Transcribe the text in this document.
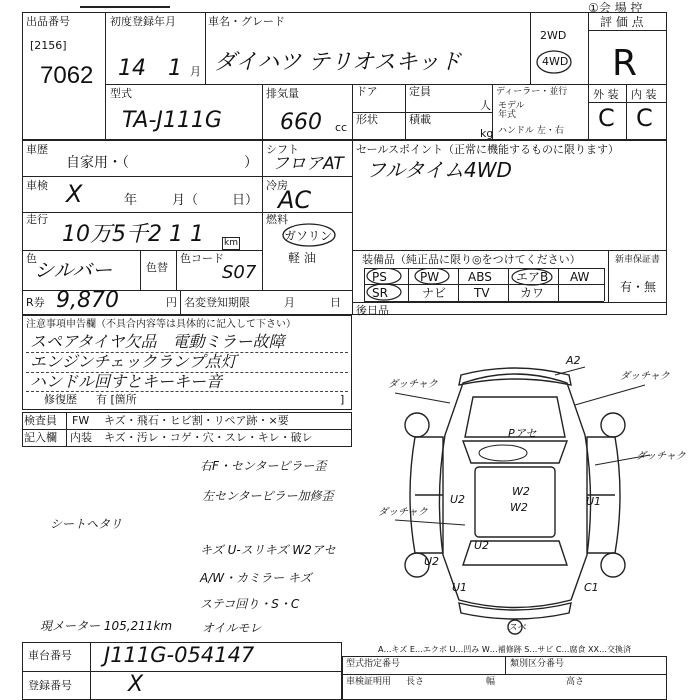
①会 場 控
出品番号
[2156]
7062
初度登録年月
14 1 月
車名・グレード
ダイハツ テリオスキッド
2WD
4WD
評 価 点
R
外 装 内 装
C C
型式
TA-J111G
排気量
660 cc
ドア	定員
人
ディーラー・並行
モデル年式
ハンドル 左・右
形状	積載
kg
車歴
自家用・（	）
シフト
フロアAT
車検 X	年	月（	日）
冷房
AC
走行
10万5千2 1 1 km
燃料
ガソリン
軽 油
色
シルバー	色替
色コード
S07
R券 9,870	円 名変登知期限	月	日
セールスポイント（正常に機能するものに限ります）
フルタイム4WD
装備品（純正品に限り◎をつけてください）	新車保証書
有・無
PS	PW ABS エアB AW
SR	ナビ TV	カワ
後日品
注意事項申告欄（不具合内容等は具体的に記入して下さい）
スペアタイヤ欠品　電動ミラー故障
エンジンチェックランプ点灯
ハンドル回すとキーキー音
修復歴 有 [箇所	]
検査員 FW キズ・飛石・ヒビ割・リペア跡・×要
記入欄 内装 キズ・汚レ・コゲ・穴・スレ・キレ・破レ
右F・センターピラー歪
左センターピラー加修歪
シートヘタリ
キズ U-スリキズ W2アセ
A/W・カミラー キズ
ステコ回り・S・C
オイルモレ
現メーター 105,211km
A2
ダッチャク
ダッチャク
ダッチャク
ダッチャク
Pアセ
W2
W2
U2	U1
U2
U2
U1	C1
スペ
A…キズ E…エクボ U…凹み W…補修跡 S…サビ C…腐食 XX…交換済
車台番号 J111G-054147
登録番号	X
型式指定番号	類別区分番号
車検証明用 長さ	幅	高さ
